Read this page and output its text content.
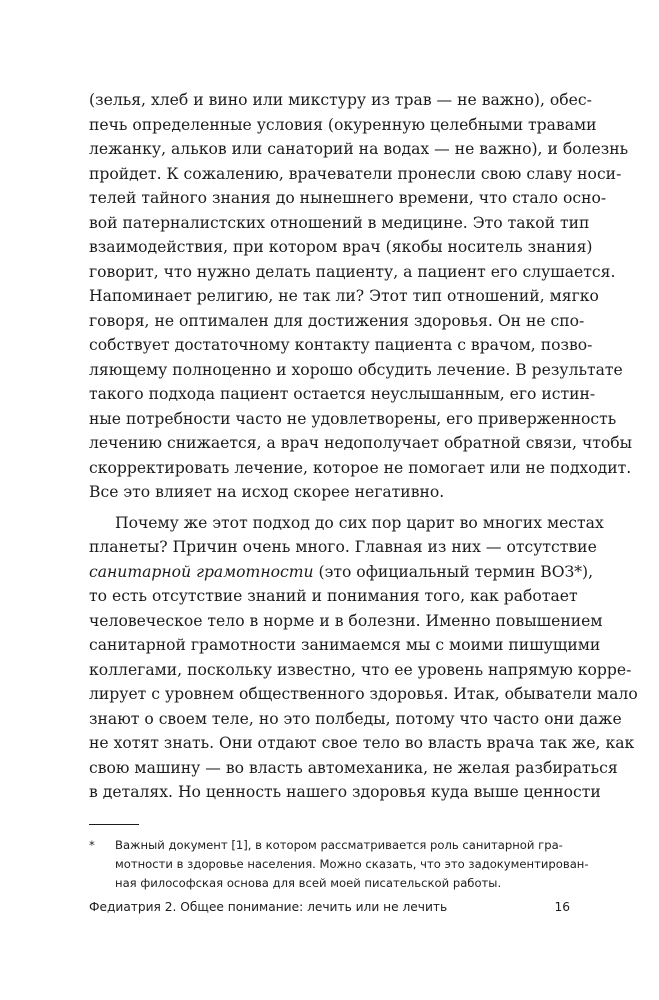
(зелья, хлеб и вино или микстуру из трав — не важно), обес-
печь определенные условия (окуренную целебными травами
лежанку, альков или санаторий на водах — не важно), и болезнь
пройдет. К сожалению, врачеватели пронесли свою славу носи-
телей тайного знания до нынешнего времени, что стало осно-
вой патерналистских отношений в медицине. Это такой тип
взаимодействия, при котором врач (якобы носитель знания)
говорит, что нужно делать пациенту, а пациент его слушается.
Напоминает религию, не так ли? Этот тип отношений, мягко
говоря, не оптимален для достижения здоровья. Он не спо-
собствует достаточному контакту пациента с врачом, позво-
ляющему полноценно и хорошо обсудить лечение. В результате
такого подхода пациент остается неуслышанным, его истин-
ные потребности часто не удовлетворены, его приверженность
лечению снижается, а врач недополучает обратной связи, чтобы
скорректировать лечение, которое не помогает или не подходит.
Все это влияет на исход скорее негативно.
Почему же этот подход до сих пор царит во многих местах
планеты? Причин очень много. Главная из них — отсутствие
санитарной грамотности (это официальный термин ВОЗ*),
то есть отсутствие знаний и понимания того, как работает
человеческое тело в норме и в болезни. Именно повышением
санитарной грамотности занимаемся мы с моими пишущими
коллегами, поскольку известно, что ее уровень напрямую корре-
лирует с уровнем общественного здоровья. Итак, обыватели мало
знают о своем теле, но это полбеды, потому что часто они даже
не хотят знать. Они отдают свое тело во власть врача так же, как
свою машину — во власть автомеханика, не желая разбираться
в деталях. Но ценность нашего здоровья куда выше ценности
* Важный документ [1], в котором рассматривается роль санитарной гра-
мотности в здоровье населения. Можно сказать, что это задокументирован-
ная философская основа для всей моей писательской работы.
Федиатрия 2. Общее понимание: лечить или не лечить	16
